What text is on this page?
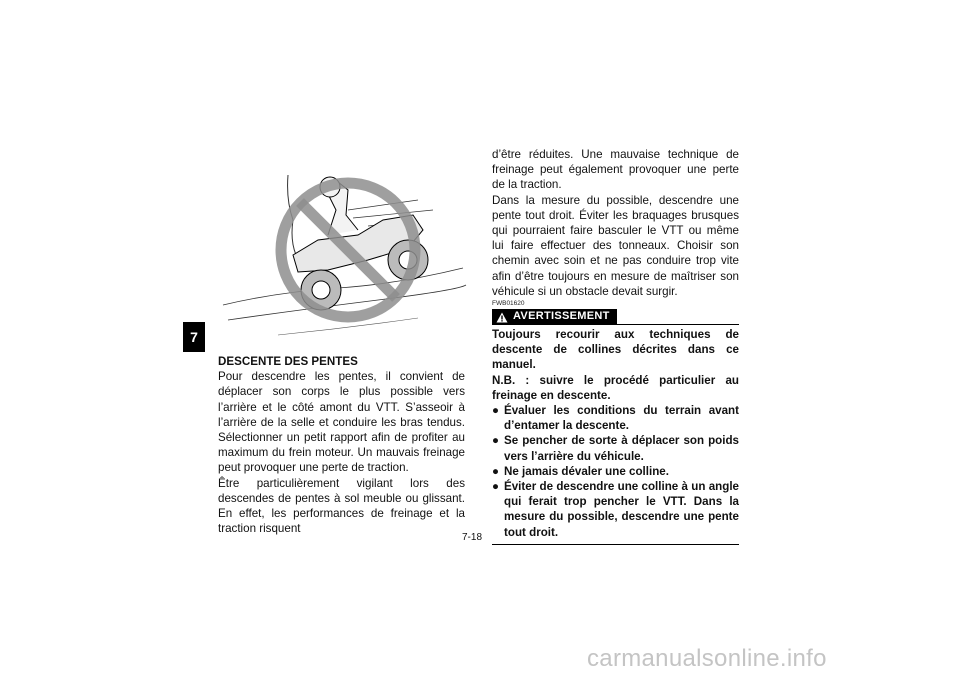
7

DESCENTE DES PENTES

Pour descendre les pentes, il convient de déplacer son corps le plus possible vers l’arrière et le côté amont du VTT. S’asseoir à l’arrière de la selle et conduire les bras tendus. Sélectionner un petit rapport afin de profiter au maximum du frein moteur. Un mauvais freinage peut provoquer une perte de traction.

Être particulièrement vigilant lors des descendes de pentes à sol meuble ou glissant. En effet, les performances de freinage et la traction risquent

d’être réduites. Une mauvaise technique de freinage peut également provoquer une perte de la traction.

Dans la mesure du possible, descendre une pente tout droit. Éviter les braquages brusques qui pourraient faire basculer le VTT ou même lui faire effectuer des tonneaux. Choisir son chemin avec soin et ne pas conduire trop vite afin d’être toujours en mesure de maîtriser son véhicule si un obstacle devait surgir.

FWB01620
AVERTISSEMENT

Toujours recourir aux techniques de descente de collines décrites dans ce manuel.

N.B. : suivre le procédé particulier au freinage en descente.

● Évaluer les conditions du terrain avant d’entamer la descente.
● Se pencher de sorte à déplacer son poids vers l’arrière du véhicule.
● Ne jamais dévaler une colline.
● Éviter de descendre une colline à un angle qui ferait trop pencher le VTT. Dans la mesure du possible, descendre une pente tout droit.
7-18
carmanualsonline.info
